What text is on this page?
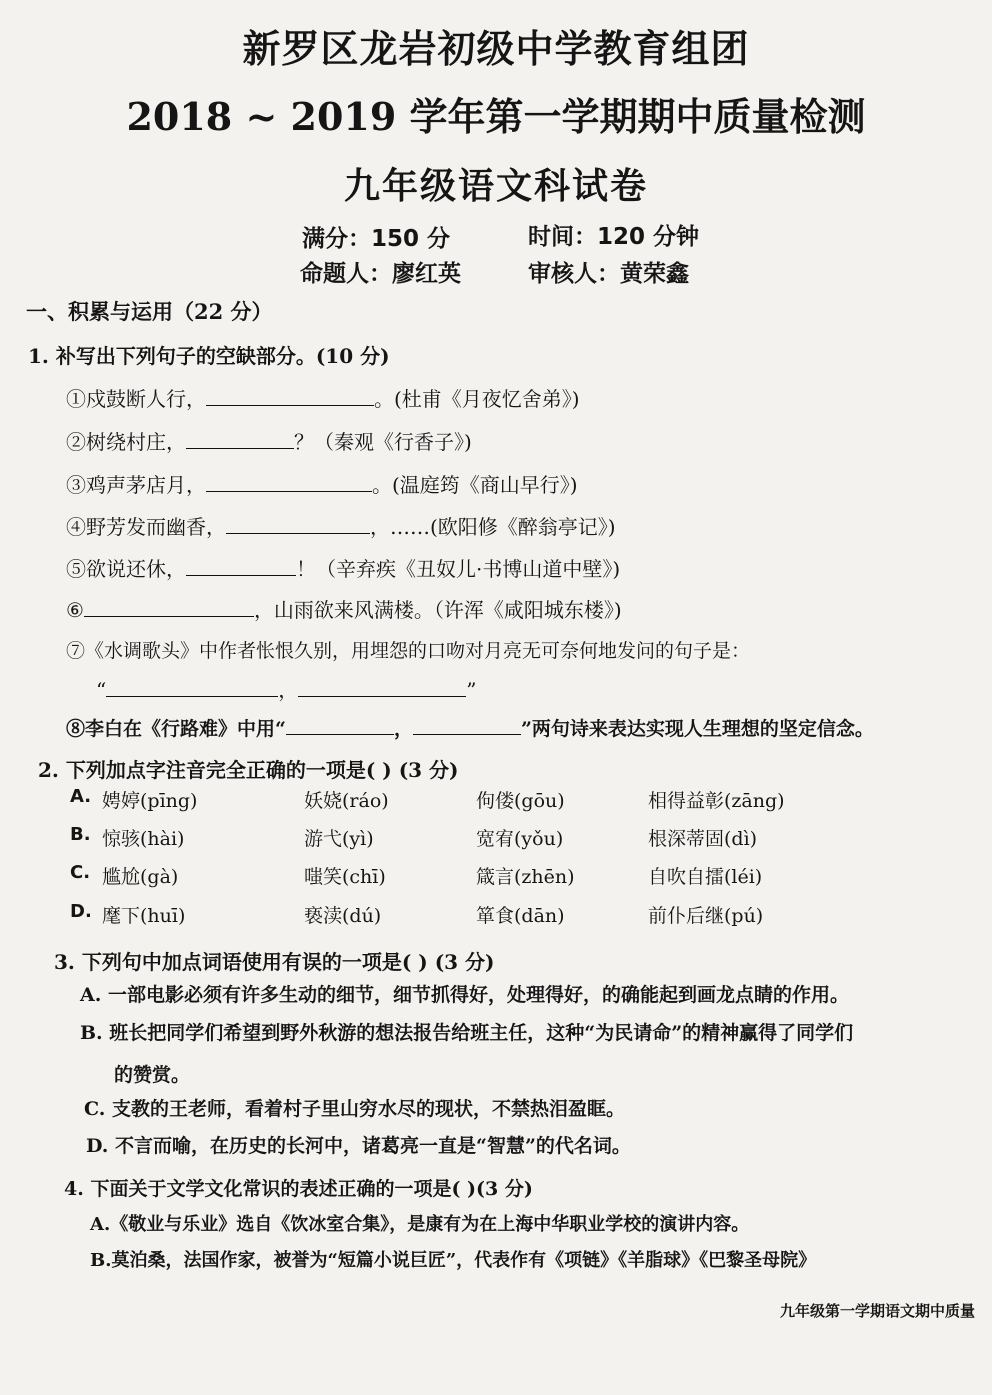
新罗区龙岩初级中学教育组团
2018 ~ 2019 学年第一学期期中质量检测
九年级语文科试卷
满分：150 分	时间：120 分钟
命题人：廖红英	审核人：黄荣鑫
一、积累与运用（22 分）
1. 补写出下列句子的空缺部分。(10 分)
①戍鼓断人行，	。(杜甫《月夜忆舍弟》)
②树绕村庄，	？（秦观《行香子》)
③鸡声茅店月，	。(温庭筠《商山早行》)
④野芳发而幽香，	，……(欧阳修《醉翁亭记》)
⑤欲说还休，	！（辛弃疾《丑奴儿·书博山道中壁》)
⑥	，山雨欲来风满楼。（许浑《咸阳城东楼》)
⑦《水调歌头》中作者怅恨久别，用埋怨的口吻对月亮无可奈何地发问的句子是：
“	，	”
⑧李白在《行路难》中用“	，	”两句诗来表达实现人生理想的坚定信念。
2. 下列加点字注音完全正确的一项是( ) (3 分)
A. 娉婷(pīng)	妖娆(ráo)	佝偻(gōu)	相得益彰(zāng)
B. 惊骇(hài)	游弋(yì)	宽宥(yǒu)	根深蒂固(dì)
C. 尴尬(gà)	嗤笑(chī)	箴言(zhēn)	自吹自擂(léi)
D. 麾下(huī)	亵渎(dú)	箪食(dān)	前仆后继(pú)
3. 下列句中加点词语使用有误的一项是( ) (3 分)
A. 一部电影必须有许多生动的细节，细节抓得好，处理得好，的确能起到画龙点睛的作用。
B. 班长把同学们希望到野外秋游的想法报告给班主任，这种“为民请命”的精神赢得了同学们
的赞赏。
C. 支教的王老师，看着村子里山穷水尽的现状，不禁热泪盈眶。
D. 不言而喻，在历史的长河中，诸葛亮一直是“智慧”的代名词。
4. 下面关于文学文化常识的表述正确的一项是( )(3 分)
A.《敬业与乐业》选自《饮冰室合集》，是康有为在上海中华职业学校的演讲内容。
B.莫泊桑，法国作家，被誉为“短篇小说巨匠”，代表作有《项链》《羊脂球》《巴黎圣母院》
九年级第一学期语文期中质量
